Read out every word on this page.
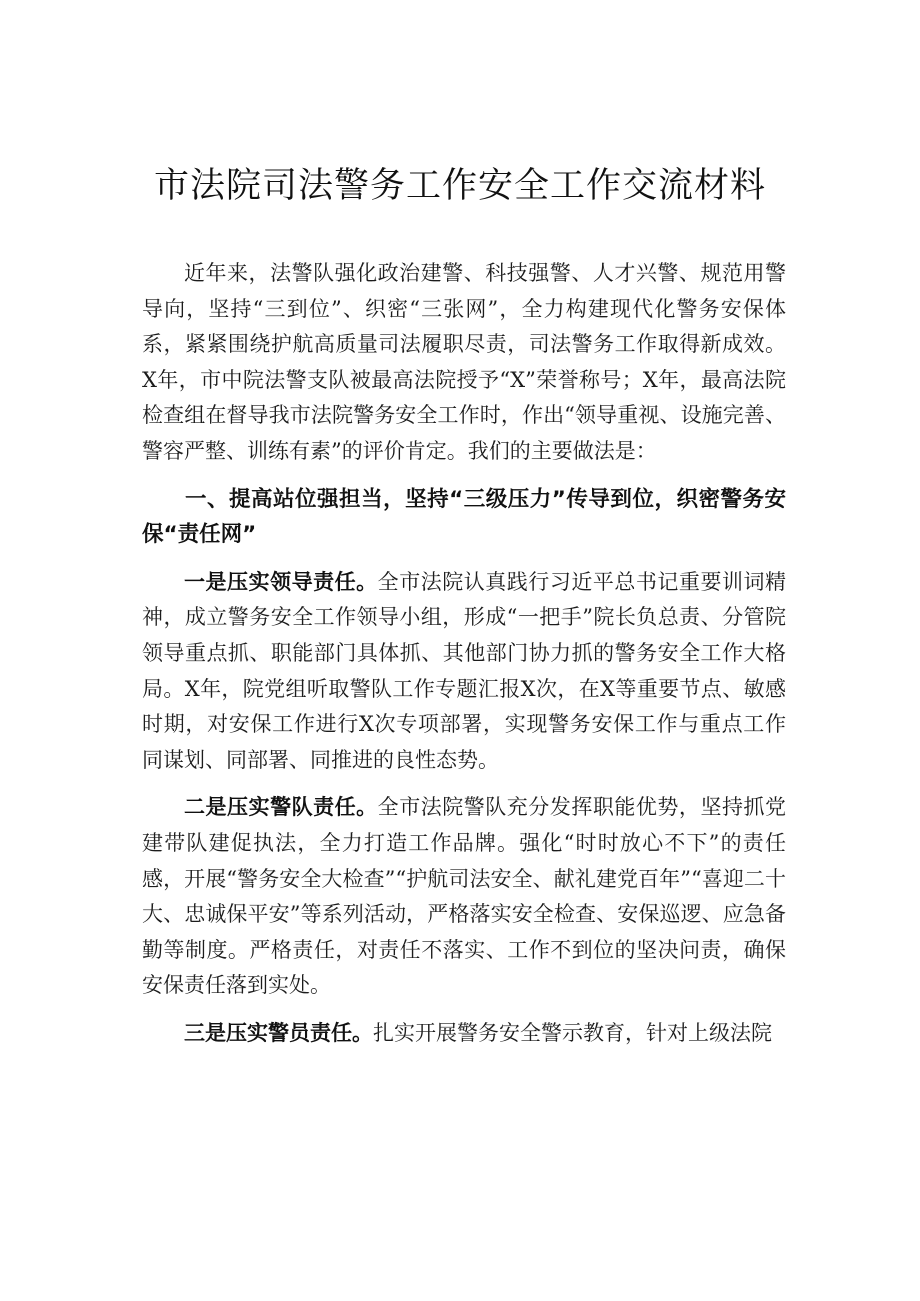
市法院司法警务工作安全工作交流材料

近年来，法警队强化政治建警、科技强警、人才兴警、规范用警导向，坚持“三到位”、织密“三张网”，全力构建现代化警务安保体系，紧紧围绕护航高质量司法履职尽责，司法警务工作取得新成效。X年，市中院法警支队被最高法院授予“X”荣誉称号；X年，最高法院检查组在督导我市法院警务安全工作时，作出“领导重视、设施完善、警容严整、训练有素”的评价肯定。我们的主要做法是：

一、提高站位强担当，坚持“三级压力”传导到位，织密警务安保“责任网”

一是压实领导责任。全市法院认真践行习近平总书记重要训词精神，成立警务安全工作领导小组，形成“一把手”院长负总责、分管院领导重点抓、职能部门具体抓、其他部门协力抓的警务安全工作大格局。X年，院党组听取警队工作专题汇报X次，在X等重要节点、敏感时期，对安保工作进行X次专项部署，实现警务安保工作与重点工作同谋划、同部署、同推进的良性态势。

二是压实警队责任。全市法院警队充分发挥职能优势，坚持抓党建带队建促执法，全力打造工作品牌。强化“时时放心不下”的责任感，开展“警务安全大检查”“护航司法安全、献礼建党百年”“喜迎二十大、忠诚保平安”等系列活动，严格落实安全检查、安保巡逻、应急备勤等制度。严格责任，对责任不落实、工作不到位的坚决问责，确保安保责任落到实处。

三是压实警员责任。扎实开展警务安全警示教育，针对上级法院
